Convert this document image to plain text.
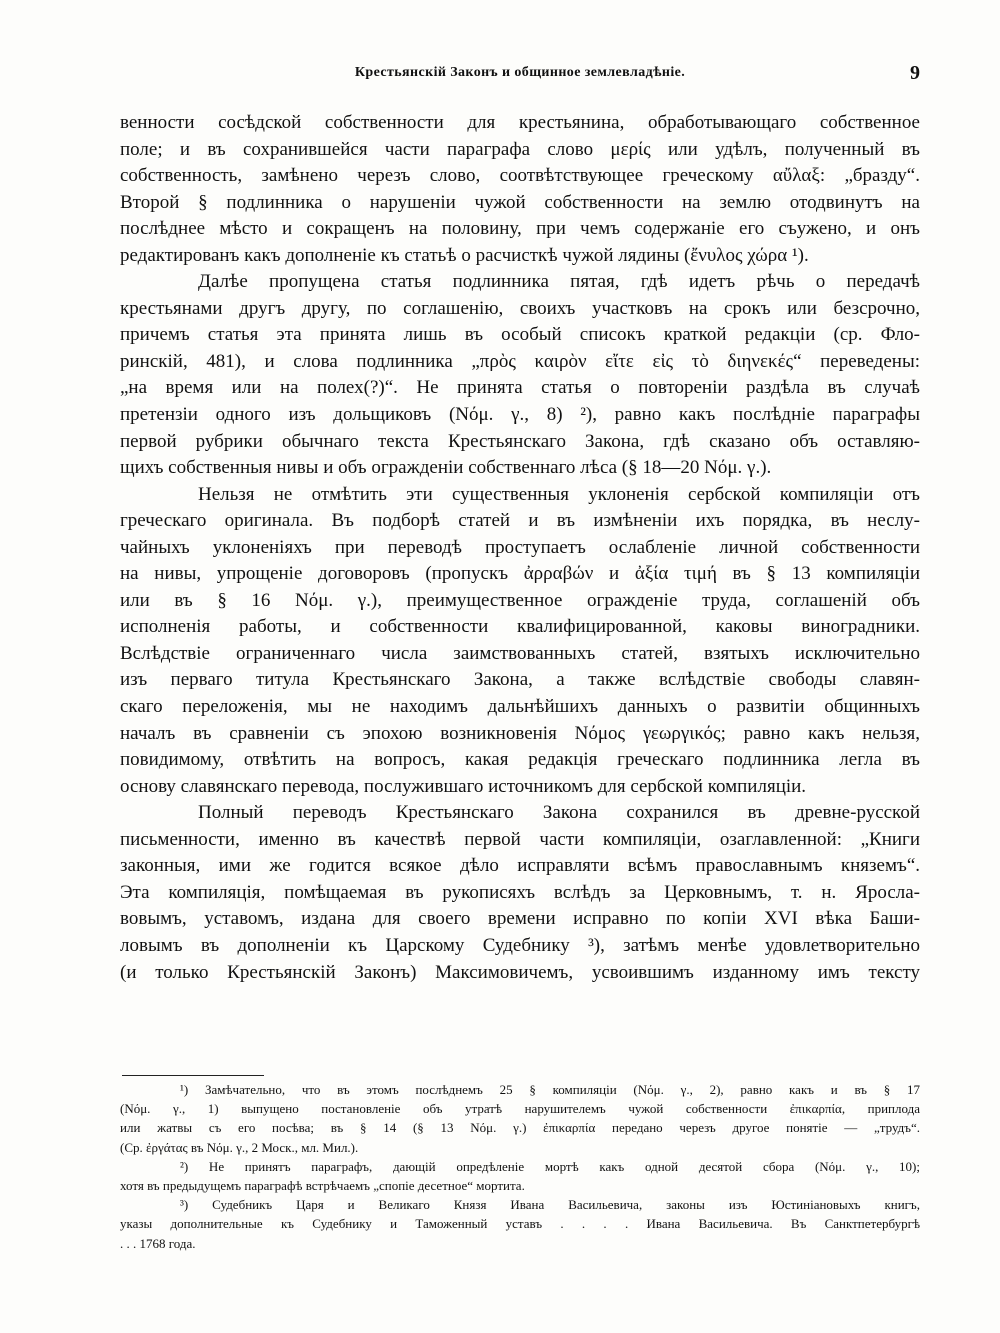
Крестьянскій Законъ и общинное землевладѣніе.	9
венности сосѣдской собственности для крестьянина, обработывающаго собственное
поле; и въ сохранившейся части параграфа слово μερίς или удѣлъ, полученный въ
собственность, замѣнено черезъ слово, соотвѣтствующее греческому αὔλαξ: „бразду“.
Второй § подлинника о нарушеніи чужой собственности на землю отодвинутъ на
послѣднее мѣсто и сокращенъ на половину, при чемъ содержаніе его съужено, и онъ
редактированъ какъ дополненіе къ статьѣ о расчисткѣ чужой лядины (ἔνυλος χώρα ¹).
Далѣе пропущена статья подлинника пятая, гдѣ идетъ рѣчь о передачѣ
крестьянами другъ другу, по соглашенію, своихъ участковъ на срокъ или безсрочно,
причемъ статья эта принята лишь въ особый списокъ краткой редакціи (ср. Фло-
ринскій, 481), и слова подлинника „πρὸς καιρὸν εἴτε εἰς τὸ διηνεκές“ переведены:
„на время или на полех(?)“. Не принята статья о повтореніи раздѣла въ случаѣ
претензіи одного изъ дольщиковъ (Νόμ. γ., 8) ²), равно какъ послѣдніе параграфы
первой рубрики обычнаго текста Крестьянскаго Закона, гдѣ сказано объ оставляю-
щихъ собственныя нивы и объ огражденіи собственнаго лѣса (§ 18—20 Νόμ. γ.).
Нельзя не отмѣтить эти существенныя уклоненія сербской компиляціи отъ
греческаго оригинала. Въ подборѣ статей и въ измѣненіи ихъ порядка, въ неслу-
чайныхъ уклоненіяхъ при переводѣ проступаетъ ослабленіе личной собственности
на нивы, упрощеніе договоровъ (пропускъ ἀρραβών и ἀξία τιμή въ § 13 компиляціи
или въ § 16 Νόμ. γ.), преимущественное огражденіе труда, соглашеній объ
исполненія работы, и собственности квалифицированной, каковы виноградники.
Вслѣдствіе ограниченнаго числа заимствованныхъ статей, взятыхъ исключительно
изъ перваго титула Крестьянскаго Закона, а также вслѣдствіе свободы славян-
скаго переложенія, мы не находимъ дальнѣйшихъ данныхъ о развитіи общинныхъ
началъ въ сравненіи съ эпохою возникновенія Νόμος γεωργικός; равно какъ нельзя,
повидимому, отвѣтить на вопросъ, какая редакція греческаго подлинника легла въ
основу славянскаго перевода, послужившаго источникомъ для сербской компиляціи.
Полный переводъ Крестьянскаго Закона сохранился въ древне-русской
письменности, именно въ качествѣ первой части компиляціи, озаглавленной: „Книги
законныя, ими же годится всякое дѣло исправляти всѣмъ православнымъ княземъ“.
Эта компиляція, помѣщаемая въ рукописяхъ вслѣдъ за Церковнымъ, т. н. Яросла-
вовымъ, уставомъ, издана для своего времени исправно по копіи XVI вѣка Баши-
ловымъ въ дополненіи къ Царскому Судебнику ³), затѣмъ менѣе удовлетворительно
(и только Крестьянскій Законъ) Максимовичемъ, усвоившимъ изданному имъ тексту
¹) Замѣчательно, что въ этомъ послѣднемъ 25 § компиляціи (Νόμ. γ., 2), равно какъ и въ § 17
(Νόμ. γ., 1) выпущено постановленіе объ утратѣ нарушителемъ чужой собственности ἐπικαρπία, приплода
или жатвы съ его посѣва; въ § 14 (§ 13 Νόμ. γ.) ἐπικαρπία передано черезъ другое понятіе — „трудъ“.
(Ср. ἐργάτας въ Νόμ. γ., 2 Моск., мл. Мил.).
²) Не принятъ параграфъ, дающій опредѣленіе мортѣ какъ одной десятой сбора (Νόμ. γ., 10);
хотя въ предыдущемъ параграфѣ встрѣчаемъ „спопіе десетное“ мортита.
³) Судебникъ Царя и Великаго Князя Ивана Васильевича, законы изъ Юстиніановыхъ книгъ,
указы дополнительные къ Судебнику и Таможенный уставъ . . . . Ивана Васильевича. Въ Санктпетербургѣ
. . . 1768 года.
